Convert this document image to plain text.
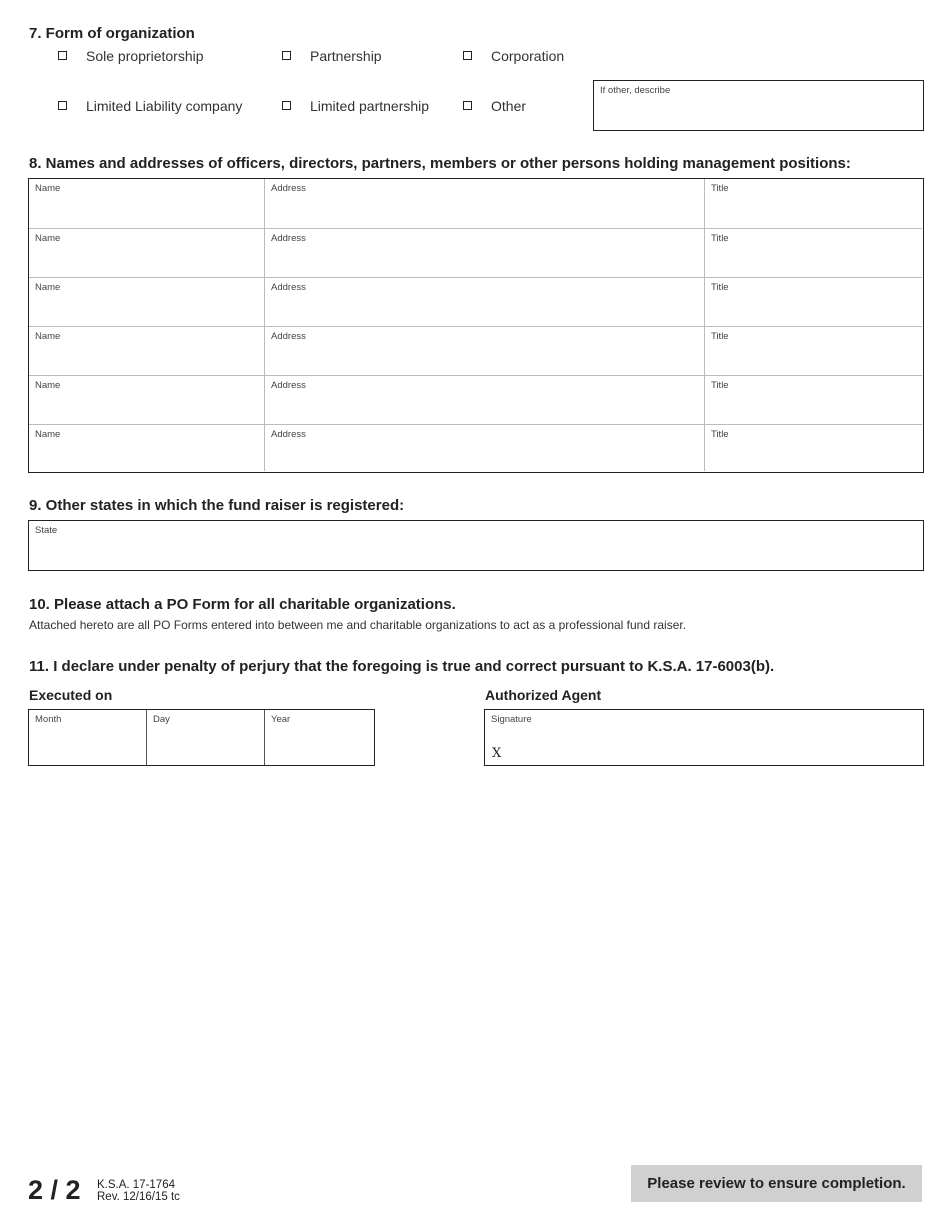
7. Form of organization
Sole proprietorship	Partnership	Corporation
Limited Liability company	Limited partnership	Other
If other, describe
8. Names and addresses of officers, directors, partners, members or other persons holding management positions:
Name	Address	Title
Name	Address	Title
Name	Address	Title
Name	Address	Title
Name	Address	Title
Name	Address	Title
9. Other states in which the fund raiser is registered:
State
10. Please attach a PO Form for all charitable organizations.
Attached hereto are all PO Forms entered into between me and charitable organizations to act as a professional fund raiser.
11. I declare under penalty of perjury that the foregoing is true and correct pursuant to K.S.A. 17-6003(b).
Executed on
Month	Day	Year
Authorized Agent
Signature
X
2 / 2 K.S.A. 17-1764
Rev. 12/16/15 tc
Please review to ensure completion.
